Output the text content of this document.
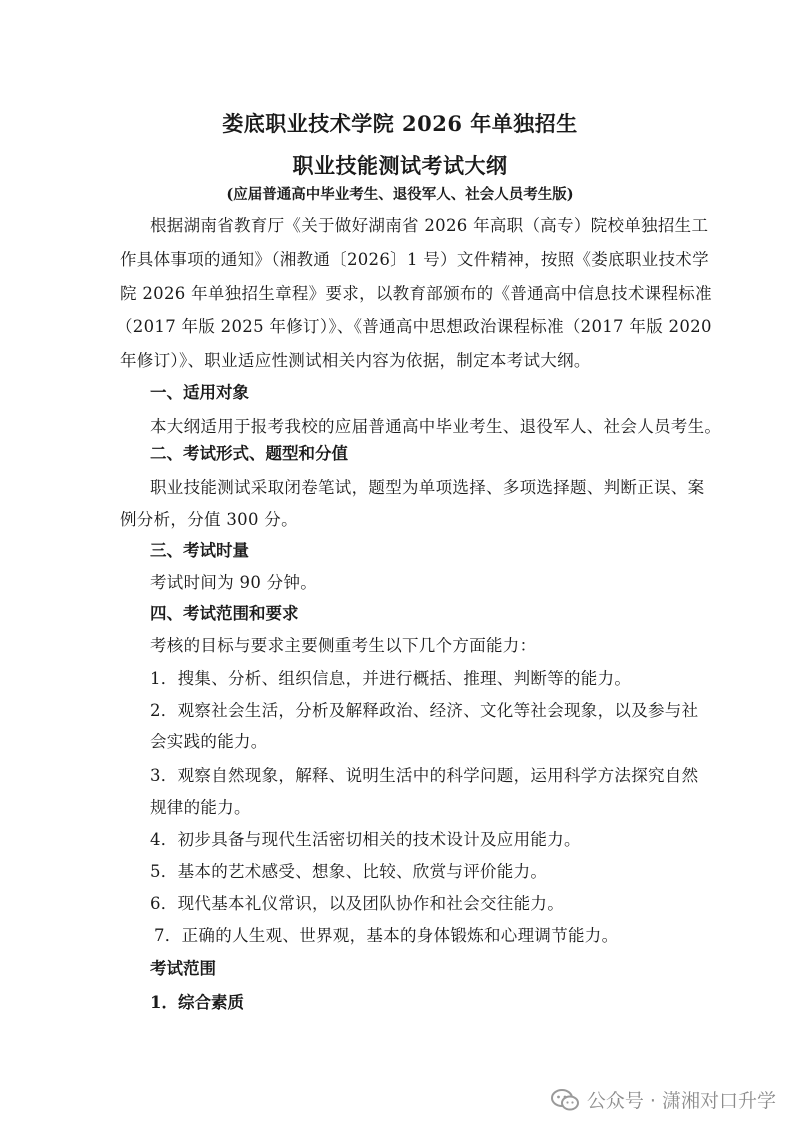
娄底职业技术学院 2026 年单独招生
职业技能测试考试大纲
(应届普通高中毕业考生、退役军人、社会人员考生版)
根据湖南省教育厅《关于做好湖南省 2026 年高职（高专）院校单独招生工
作具体事项的通知》（湘教通〔2026〕1 号）文件精神，按照《娄底职业技术学
院 2026 年单独招生章程》要求，以教育部颁布的《普通高中信息技术课程标准
（2017 年版 2025 年修订）》、《普通高中思想政治课程标准（2017 年版 2020
年修订）》、职业适应性测试相关内容为依据，制定本考试大纲。
一、适用对象
本大纲适用于报考我校的应届普通高中毕业考生、退役军人、社会人员考生。
二、考试形式、题型和分值
职业技能测试采取闭卷笔试，题型为单项选择、多项选择题、判断正误、案
例分析，分值 300 分。
三、考试时量
考试时间为 90 分钟。
四、考试范围和要求
考核的目标与要求主要侧重考生以下几个方面能力：
1．搜集、分析、组织信息，并进行概括、推理、判断等的能力。
2．观察社会生活，分析及解释政治、经济、文化等社会现象，以及参与社
会实践的能力。
3．观察自然现象，解释、说明生活中的科学问题，运用科学方法探究自然
规律的能力。
4．初步具备与现代生活密切相关的技术设计及应用能力。
5．基本的艺术感受、想象、比较、欣赏与评价能力。
6．现代基本礼仪常识，以及团队协作和社会交往能力。
7．正确的人生观、世界观，基本的身体锻炼和心理调节能力。
考试范围
1．综合素质
公众号 · 潇湘对口升学
